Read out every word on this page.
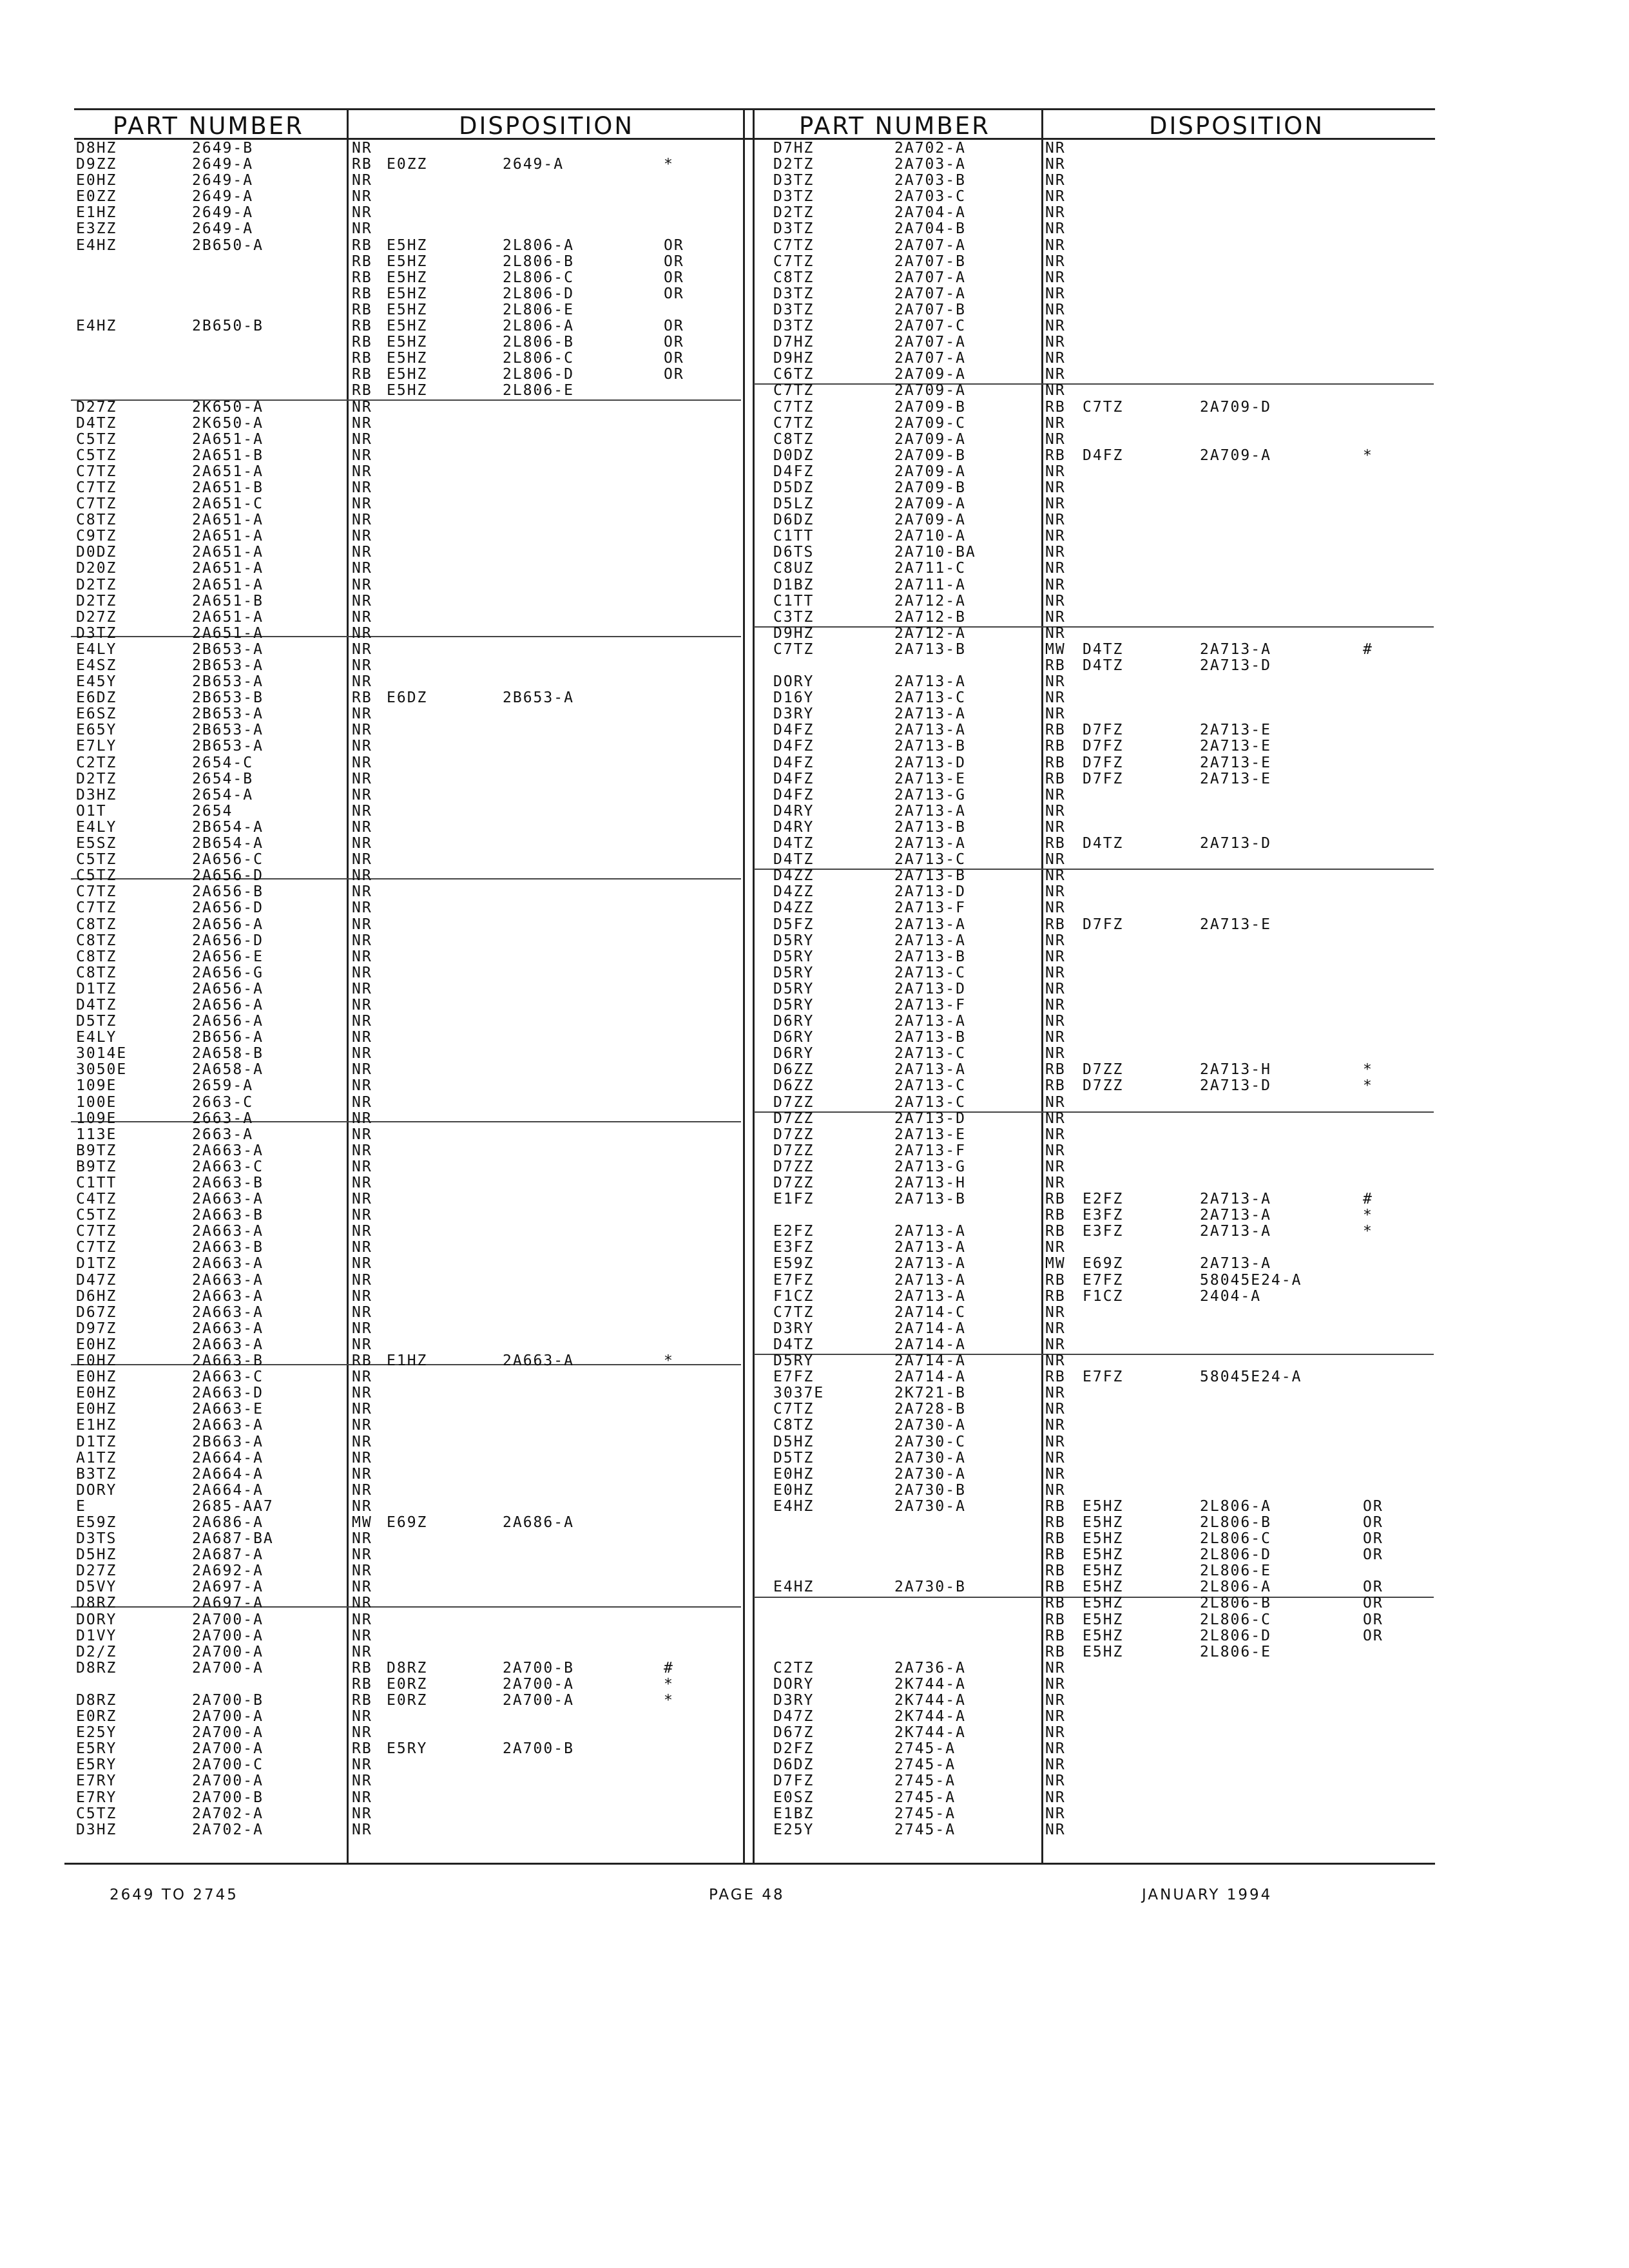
PART NUMBER	DISPOSITION	PART NUMBER	DISPOSITION
D8HZ	2649-B	NR
D9ZZ	2649-A	RB E0ZZ	2649-A	*
E0HZ	2649-A	NR
E0ZZ	2649-A	NR
E1HZ	2649-A	NR
E3ZZ	2649-A	NR
E4HZ	2B650-A	RB E5HZ	2L806-A	OR
RB E5HZ	2L806-B	OR
RB E5HZ	2L806-C	OR
RB E5HZ	2L806-D	OR
RB E5HZ	2L806-E
E4HZ	2B650-B	RB E5HZ	2L806-A	OR
RB E5HZ	2L806-B	OR
RB E5HZ	2L806-C	OR
RB E5HZ	2L806-D	OR
RB E5HZ	2L806-E
D27Z	2K650-A	NR
D4TZ	2K650-A	NR
C5TZ	2A651-A	NR
C5TZ	2A651-B	NR
C7TZ	2A651-A	NR
C7TZ	2A651-B	NR
C7TZ	2A651-C	NR
C8TZ	2A651-A	NR
C9TZ	2A651-A	NR
D0DZ	2A651-A	NR
D20Z	2A651-A	NR
D2TZ	2A651-A	NR
D2TZ	2A651-B	NR
D27Z	2A651-A	NR
D3TZ	2A651-A	NR
E4LY	2B653-A	NR
E4SZ	2B653-A	NR
E45Y	2B653-A	NR
E6DZ	2B653-B	RB E6DZ	2B653-A
E6SZ	2B653-A	NR
E65Y	2B653-A	NR
E7LY	2B653-A	NR
C2TZ	2654-C	NR
D2TZ	2654-B	NR
D3HZ	2654-A	NR
O1T	2654	NR
E4LY	2B654-A	NR
E5SZ	2B654-A	NR
C5TZ	2A656-C	NR
C5TZ	2A656-D	NR
C7TZ	2A656-B	NR
C7TZ	2A656-D	NR
C8TZ	2A656-A	NR
C8TZ	2A656-D	NR
C8TZ	2A656-E	NR
C8TZ	2A656-G	NR
D1TZ	2A656-A	NR
D4TZ	2A656-A	NR
D5TZ	2A656-A	NR
E4LY	2B656-A	NR
3014E	2A658-B	NR
3050E	2A658-A	NR
109E	2659-A	NR
100E	2663-C	NR
109E	2663-A	NR
113E	2663-A	NR
B9TZ	2A663-A	NR
B9TZ	2A663-C	NR
C1TT	2A663-B	NR
C4TZ	2A663-A	NR
C5TZ	2A663-B	NR
C7TZ	2A663-A	NR
C7TZ	2A663-B	NR
D1TZ	2A663-A	NR
D47Z	2A663-A	NR
D6HZ	2A663-A	NR
D67Z	2A663-A	NR
D97Z	2A663-A	NR
E0HZ	2A663-A	NR
E0HZ	2A663-B	RB E1HZ	2A663-A	*
E0HZ	2A663-C	NR
E0HZ	2A663-D	NR
E0HZ	2A663-E	NR
E1HZ	2A663-A	NR
D1TZ	2B663-A	NR
A1TZ	2A664-A	NR
B3TZ	2A664-A	NR
DORY	2A664-A	NR
E	2685-AA7	NR
E59Z	2A686-A	MW E69Z	2A686-A
D3TS	2A687-BA	NR
D5HZ	2A687-A	NR
D27Z	2A692-A	NR
D5VY	2A697-A	NR
D8RZ	2A697-A	NR
DORY	2A700-A	NR
D1VY	2A700-A	NR
D2/Z	2A700-A	NR
D8RZ	2A700-A	RB D8RZ	2A700-B	#
RB E0RZ	2A700-A	*
D8RZ	2A700-B	RB E0RZ	2A700-A	*
E0RZ	2A700-A	NR
E25Y	2A700-A	NR
E5RY	2A700-A	RB E5RY	2A700-B
E5RY	2A700-C	NR
E7RY	2A700-A	NR
E7RY	2A700-B	NR
C5TZ	2A702-A	NR
D3HZ	2A702-A	NR
D7HZ	2A702-A	NR
D2TZ	2A703-A	NR
D3TZ	2A703-B	NR
D3TZ	2A703-C	NR
D2TZ	2A704-A	NR
D3TZ	2A704-B	NR
C7TZ	2A707-A	NR
C7TZ	2A707-B	NR
C8TZ	2A707-A	NR
D3TZ	2A707-A	NR
D3TZ	2A707-B	NR
D3TZ	2A707-C	NR
D7HZ	2A707-A	NR
D9HZ	2A707-A	NR
C6TZ	2A709-A	NR
C7TZ	2A709-A	NR
C7TZ	2A709-B	RB C7TZ	2A709-D
C7TZ	2A709-C	NR
C8TZ	2A709-A	NR
D0DZ	2A709-B	RB D4FZ	2A709-A	*
D4FZ	2A709-A	NR
D5DZ	2A709-B	NR
D5LZ	2A709-A	NR
D6DZ	2A709-A	NR
C1TT	2A710-A	NR
D6TS	2A710-BA	NR
C8UZ	2A711-C	NR
D1BZ	2A711-A	NR
C1TT	2A712-A	NR
C3TZ	2A712-B	NR
D9HZ	2A712-A	NR
C7TZ	2A713-B	MW D4TZ	2A713-A	#
RB D4TZ	2A713-D
DORY	2A713-A	NR
D16Y	2A713-C	NR
D3RY	2A713-A	NR
D4FZ	2A713-A	RB D7FZ	2A713-E
D4FZ	2A713-B	RB D7FZ	2A713-E
D4FZ	2A713-D	RB D7FZ	2A713-E
D4FZ	2A713-E	RB D7FZ	2A713-E
D4FZ	2A713-G	NR
D4RY	2A713-A	NR
D4RY	2A713-B	NR
D4TZ	2A713-A	RB D4TZ	2A713-D
D4TZ	2A713-C	NR
D4ZZ	2A713-B	NR
D4ZZ	2A713-D	NR
D4ZZ	2A713-F	NR
D5FZ	2A713-A	RB D7FZ	2A713-E
D5RY	2A713-A	NR
D5RY	2A713-B	NR
D5RY	2A713-C	NR
D5RY	2A713-D	NR
D5RY	2A713-F	NR
D6RY	2A713-A	NR
D6RY	2A713-B	NR
D6RY	2A713-C	NR
D6ZZ	2A713-A	RB D7ZZ	2A713-H	*
D6ZZ	2A713-C	RB D7ZZ	2A713-D	*
D7ZZ	2A713-C	NR
D7ZZ	2A713-D	NR
D7ZZ	2A713-E	NR
D7ZZ	2A713-F	NR
D7ZZ	2A713-G	NR
D7ZZ	2A713-H	NR
E1FZ	2A713-B	RB E2FZ	2A713-A	#
RB E3FZ	2A713-A	*
E2FZ	2A713-A	RB E3FZ	2A713-A	*
E3FZ	2A713-A	NR
E59Z	2A713-A	MW E69Z	2A713-A
E7FZ	2A713-A	RB E7FZ	58045E24-A
F1CZ	2A713-A	RB F1CZ	2404-A
C7TZ	2A714-C	NR
D3RY	2A714-A	NR
D4TZ	2A714-A	NR
D5RY	2A714-A	NR
E7FZ	2A714-A	RB E7FZ	58045E24-A
3037E	2K721-B	NR
C7TZ	2A728-B	NR
C8TZ	2A730-A	NR
D5HZ	2A730-C	NR
D5TZ	2A730-A	NR
E0HZ	2A730-A	NR
E0HZ	2A730-B	NR
E4HZ	2A730-A	RB E5HZ	2L806-A	OR
RB E5HZ	2L806-B	OR
RB E5HZ	2L806-C	OR
RB E5HZ	2L806-D	OR
RB E5HZ	2L806-E
E4HZ	2A730-B	RB E5HZ	2L806-A	OR
RB E5HZ	2L806-B	OR
RB E5HZ	2L806-C	OR
RB E5HZ	2L806-D	OR
RB E5HZ	2L806-E
C2TZ	2A736-A	NR
DORY	2K744-A	NR
D3RY	2K744-A	NR
D47Z	2K744-A	NR
D67Z	2K744-A	NR
D2FZ	2745-A	NR
D6DZ	2745-A	NR
D7FZ	2745-A	NR
E0SZ	2745-A	NR
E1BZ	2745-A	NR
E25Y	2745-A	NR
2649 TO 2745	PAGE 48	JANUARY 1994
